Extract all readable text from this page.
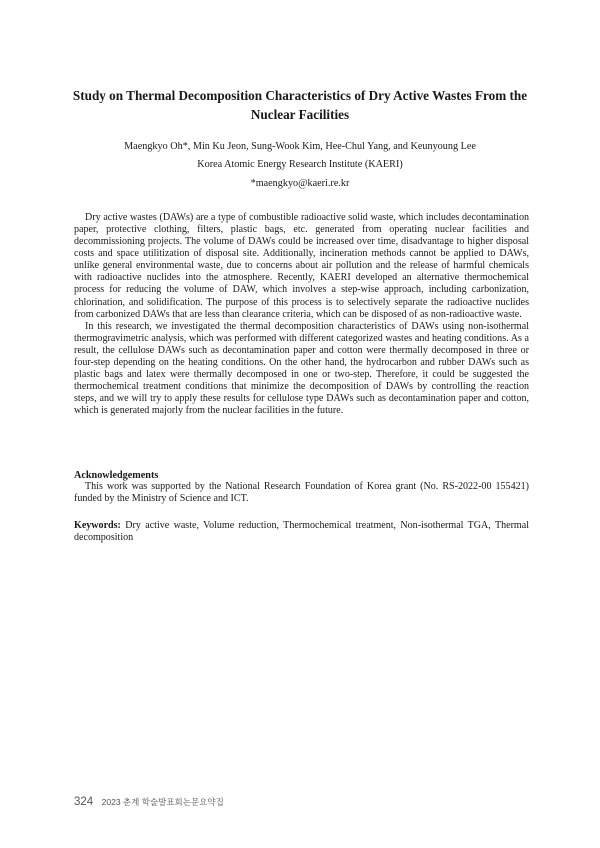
Study on Thermal Decomposition Characteristics of Dry Active Wastes From the Nuclear Facilities
Maengkyo Oh*, Min Ku Jeon, Sung-Wook Kim, Hee-Chul Yang, and Keunyoung Lee
Korea Atomic Energy Research Institute (KAERI)
*maengkyo@kaeri.re.kr

Dry active wastes (DAWs) are a type of combustible radioactive solid waste, which includes decontamination paper, protective clothing, filters, plastic bags, etc. generated from operating nuclear facilities and decommissioning projects. The volume of DAWs could be increased over time, disadvantage to higher disposal costs and space utilitization of disposal site. Additionally, incineration methods cannot be applied to DAWs, unlike general environmental waste, due to concerns about air pollution and the release of harmful chemicals with radioactive nuclides into the atmosphere. Recently, KAERI developed an alternative thermochemical process for reducing the volume of DAW, which involves a step-wise approach, including carbonization, chlorination, and solidification. The purpose of this process is to selectively separate the radioactive nuclides from carbonized DAWs that are less than clearance criteria, which can be disposed of as non-radioactive waste.

In this research, we investigated the thermal decomposition characteristics of DAWs using non-isothermal thermogravimetric analysis, which was performed with different categorized wastes and heating conditions. As a result, the cellulose DAWs such as decontamination paper and cotton were thermally decomposed in three or four-step depending on the heating conditions. On the other hand, the hydrocarbon and rubber DAWs such as plastic bags and latex were thermally decomposed in one or two-step. Therefore, it could be suggested the thermochemical treatment conditions that minimize the decomposition of DAWs by controlling the reaction steps, and we will try to apply these results for cellulose type DAWs such as decontamination paper and cotton, which is generated majorly from the nuclear facilities in the future.

Acknowledgements

This work was supported by the National Research Foundation of Korea grant (No. RS-2022-00 155421) funded by the Ministry of Science and ICT.

Keywords: Dry active waste, Volume reduction, Thermochemical treatment, Non-isothermal TGA, Thermal decomposition

324 2023 춘계 학술발표회논문요약집
